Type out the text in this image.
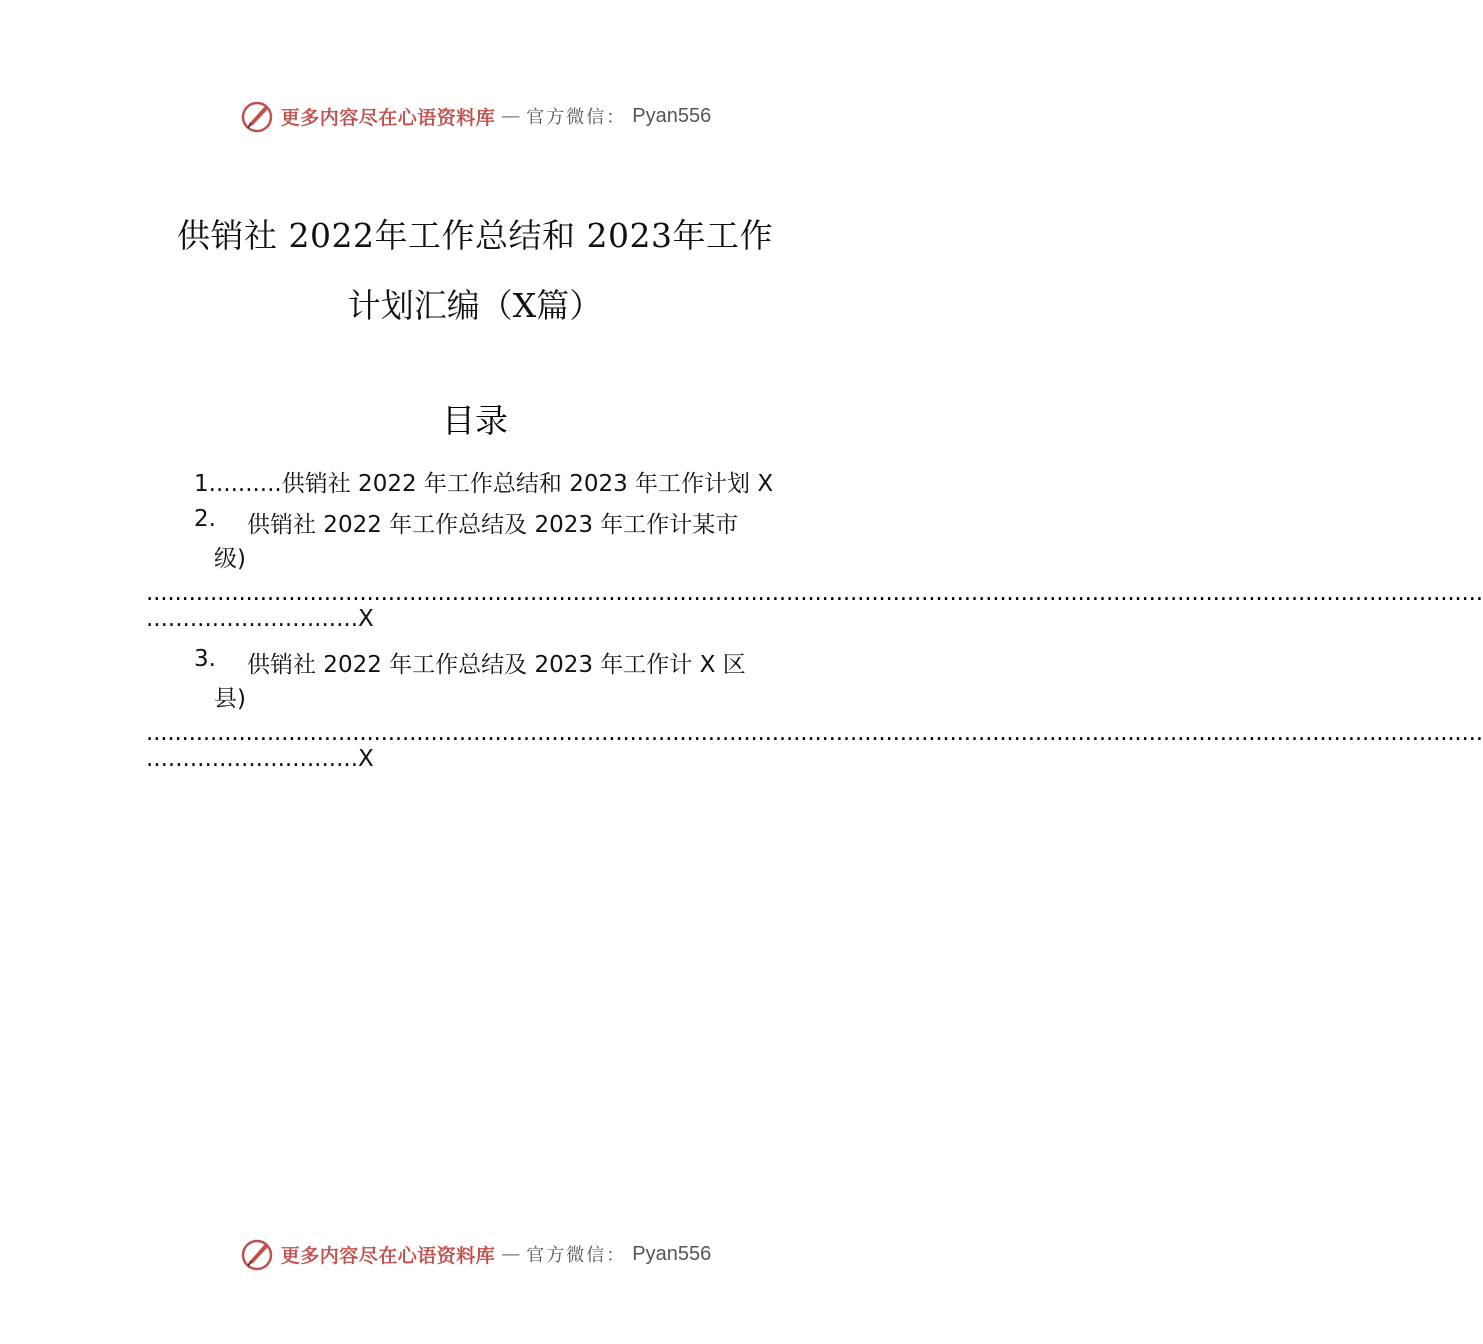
更多内容尽在心语资料库 — 官方微信： Pyan556
供销社 2022年工作总结和 2023年工作
计划汇编（X篇）
目录
1..........供销社 2022 年工作总结和 2023 年工作计划 X
2. 供销社 2022 年工作总结及 2023 年工作计某市
级)
............................................................................................................................................................................................
.............................X
3. 供销社 2022 年工作总结及 2023 年工作计 X 区
县)
............................................................................................................................................................................................
.............................X
更多内容尽在心语资料库 — 官方微信： Pyan556
